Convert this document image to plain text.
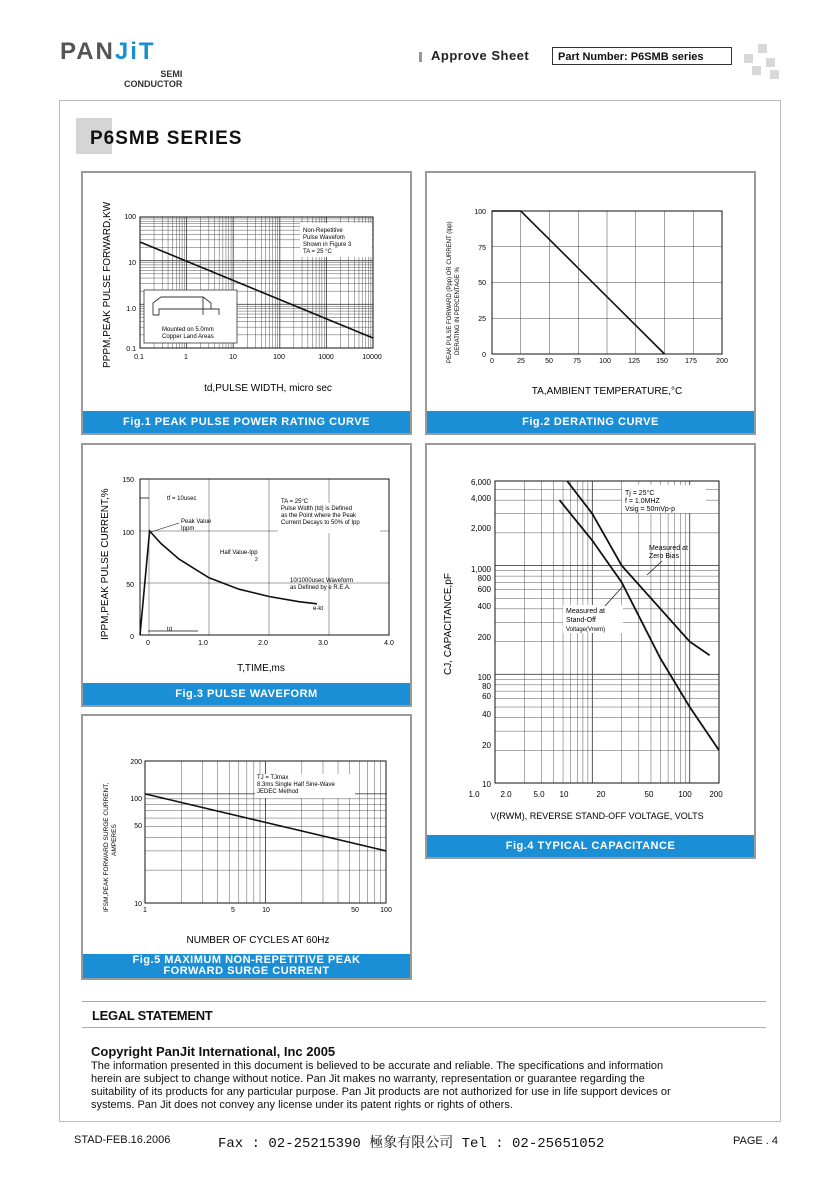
PANJiT
SEMI
CONDUCTOR
Approve Sheet	Part Number: P6SMB series
P6SMB SERIES
0.1	1	10	100	1000	10000
0.1
1.0
10
100
Non-Repetitive
Pulse Wavefom
Shown in Figure 3
TA = 25 °C
Mounted on 5.0mm
Copper Land Areas
td,PULSE WIDTH, micro sec
PPPM,PEAK PULSE FORWARD,KW
Fig.1 PEAK PULSE POWER RATING CURVE
0	25	50	75	100 125 150 175	200
0
25
50
75
100
TA,AMBIENT TEMPERATURE,°C
PEAK PULSE FORWARD (Ppp) OR CURRENT (Ipp) DERATING IN PERCENTAGE %
Fig.2 DERATING CURVE
0	1.0	2.0	3.0	4.0
0
50
100
150
TA = 25°C
Pulse Width (td) is Defined
as the Point where the Peak
Current Decays to 50% of Ipp
tf = 10usec
Peak Value
Ippm
Half Value-Ipp
2
10/1000usec Waveform
as Defined by e R.E.A.
e-kt
td
T,TIME,ms
IPPM,PEAK PULSE CURRENT,%
Fig.3 PULSE WAVEFORM
1.0	2.0	5.0 10	20	50	100 200
10
20
40
60
80
100
200
400
600
800
1,000
2,000
4,000
6,000
Tj = 25°C
f = 1.0MHZ
Vsig = 50mVp-p
Measured at
Zero Bias
Measured at
Stand-Off
Voltage(Vrwm)
V(RWM), REVERSE STAND-OFF VOLTAGE, VOLTS
CJ, CAPACITANCE,pF
Fig.4 TYPICAL CAPACITANCE
1	5	10	50	100
10
50
100
200
TJ = TJmax
8.3ms Single Half Sine-Wave
JEDEC Method
NUMBER OF CYCLES AT 60Hz
IFSM,PEAK FORWARD SURGE CURRENT, AMPERES
Fig.5 MAXIMUM NON-REPETITIVE PEAK
FORWARD SURGE CURRENT
LEGAL STATEMENT
Copyright PanJit International, Inc 2005
The information presented in this document is believed to be accurate and reliable. The specifications and information
herein are subject to change without notice. Pan Jit makes no warranty, representation or guarantee regarding the
suitability of its products for any particular purpose. Pan Jit products are not authorized for use in life support devices or
systems. Pan Jit does not convey any license under its patent rights or rights of others.
STAD-FEB.16.2006	Fax : 02-25215390 極象有限公司 Tel : 02-25651052	PAGE . 4
